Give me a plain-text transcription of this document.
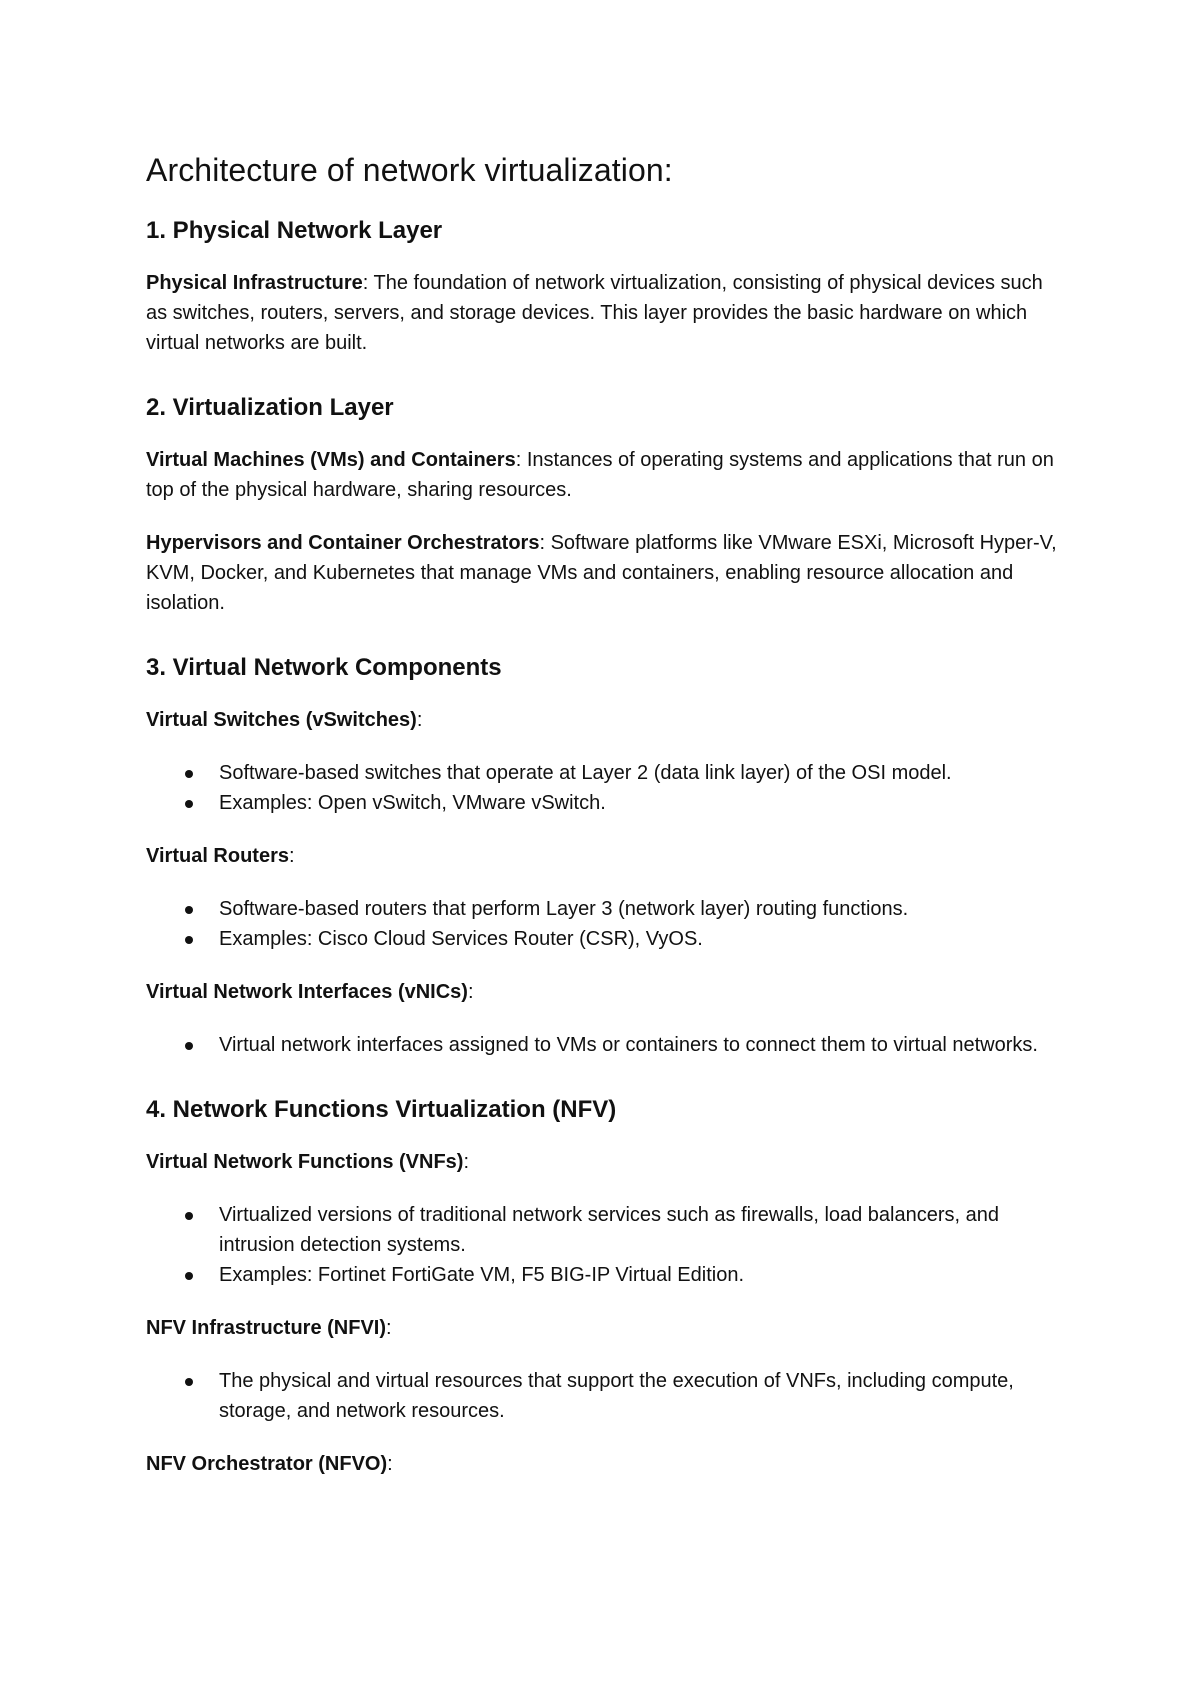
Architecture of network virtualization:
1. Physical Network Layer

Physical Infrastructure: The foundation of network virtualization, consisting of physical devices such as switches, routers, servers, and storage devices. This layer provides the basic hardware on which virtual networks are built.

2. Virtualization Layer

Virtual Machines (VMs) and Containers: Instances of operating systems and applications that run on top of the physical hardware, sharing resources.

Hypervisors and Container Orchestrators: Software platforms like VMware ESXi, Microsoft Hyper-V, KVM, Docker, and Kubernetes that manage VMs and containers, enabling resource allocation and isolation.

3. Virtual Network Components

Virtual Switches (vSwitches):

Software-based switches that operate at Layer 2 (data link layer) of the OSI model.
Examples: Open vSwitch, VMware vSwitch.

Virtual Routers:

Software-based routers that perform Layer 3 (network layer) routing functions.
Examples: Cisco Cloud Services Router (CSR), VyOS.

Virtual Network Interfaces (vNICs):

Virtual network interfaces assigned to VMs or containers to connect them to virtual networks.
4. Network Functions Virtualization (NFV)

Virtual Network Functions (VNFs):

Virtualized versions of traditional network services such as firewalls, load balancers, and intrusion detection systems.
Examples: Fortinet FortiGate VM, F5 BIG-IP Virtual Edition.

NFV Infrastructure (NFVI):

The physical and virtual resources that support the execution of VNFs, including compute, storage, and network resources.

NFV Orchestrator (NFVO):
